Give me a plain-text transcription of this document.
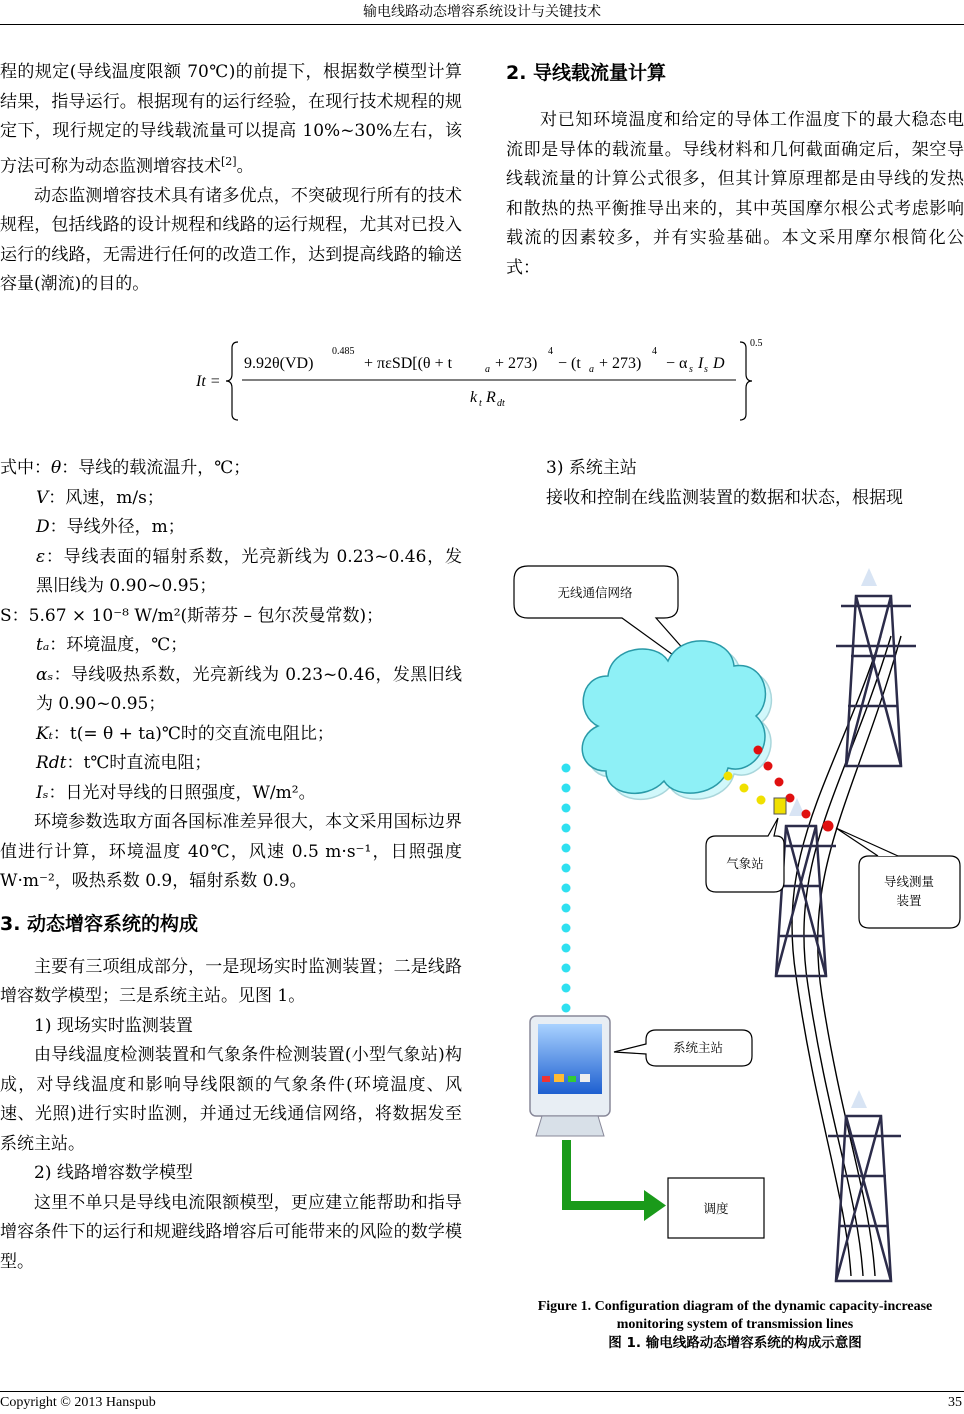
输电线路动态增容系统设计与关键技术

程的规定(导线温度限额 70℃)的前提下，根据数学模型计算结果，指导运行。根据现有的运行经验，在现行技术规程的规定下，现行规定的导线载流量可以提高 10%~30%左右，该方法可称为动态监测增容技术[2]。

动态监测增容技术具有诸多优点，不突破现行所有的技术规程，包括线路的设计规程和线路的运行规程，尤其对已投入运行的线路，无需进行任何的改造工作，达到提高线路的输送容量(潮流)的目的。

2. 导线载流量计算

对已知环境温度和给定的导体工作温度下的最大稳态电流即是导体的载流量。导线材料和几何截面确定后，架空导线载流量的计算公式很多，但其计算原理都是由导线的发热和散热的热平衡推导出来的，其中英国摩尔根公式考虑影响载流的因素较多，并有实验基础。本文采用摩尔根简化公式：

It =
9.92θ(VD)
0.485
+ πεSD[(θ + t	a + 273)
4
− (t a + 273)
4
− α s I s D
k t R dt
0.5

式中：θ：导线的载流温升，℃；

V：风速，m/s；

D：导线外径，m；

ε：导线表面的辐射系数，光亮新线为 0.23~0.46，发黑旧线为 0.90~0.95；

S：5.67 × 10⁻⁸ W/m²(斯蒂芬 – 包尔茨曼常数)；

tₐ：环境温度，℃；

αₛ：导线吸热系数，光亮新线为 0.23~0.46，发黑旧线为 0.90~0.95；

Kₜ：t(= θ + ta)℃时的交直流电阻比；

Rdt：t℃时直流电阻；

Iₛ：日光对导线的日照强度，W/m²。

环境参数选取方面各国标准差异很大，本文采用国标边界值进行计算，环境温度 40℃，风速 0.5 m·s⁻¹，日照强度 W·m⁻²，吸热系数 0.9，辐射系数 0.9。

3. 动态增容系统的构成

主要有三项组成部分，一是现场实时监测装置；二是线路增容数学模型；三是系统主站。见图 1。

1) 现场实时监测装置

由导线温度检测装置和气象条件检测装置(小型气象站)构成，对导线温度和影响导线限额的气象条件(环境温度、风速、光照)进行实时监测，并通过无线通信网络，将数据发至系统主站。

2) 线路增容数学模型

这里不单只是导线电流限额模型，更应建立能帮助和指导增容条件下的运行和规避线路增容后可能带来的风险的数学模型。

3) 系统主站

接收和控制在线监测装置的数据和状态，根据现

无线通信网络
气象站
导线测量
装置
系统主站
调度
Figure 1. Configuration diagram of the dynamic capacity-increase monitoring system of transmission lines
图 1. 输电线路动态增容系统的构成示意图
Copyright © 2013 Hanspub	35
